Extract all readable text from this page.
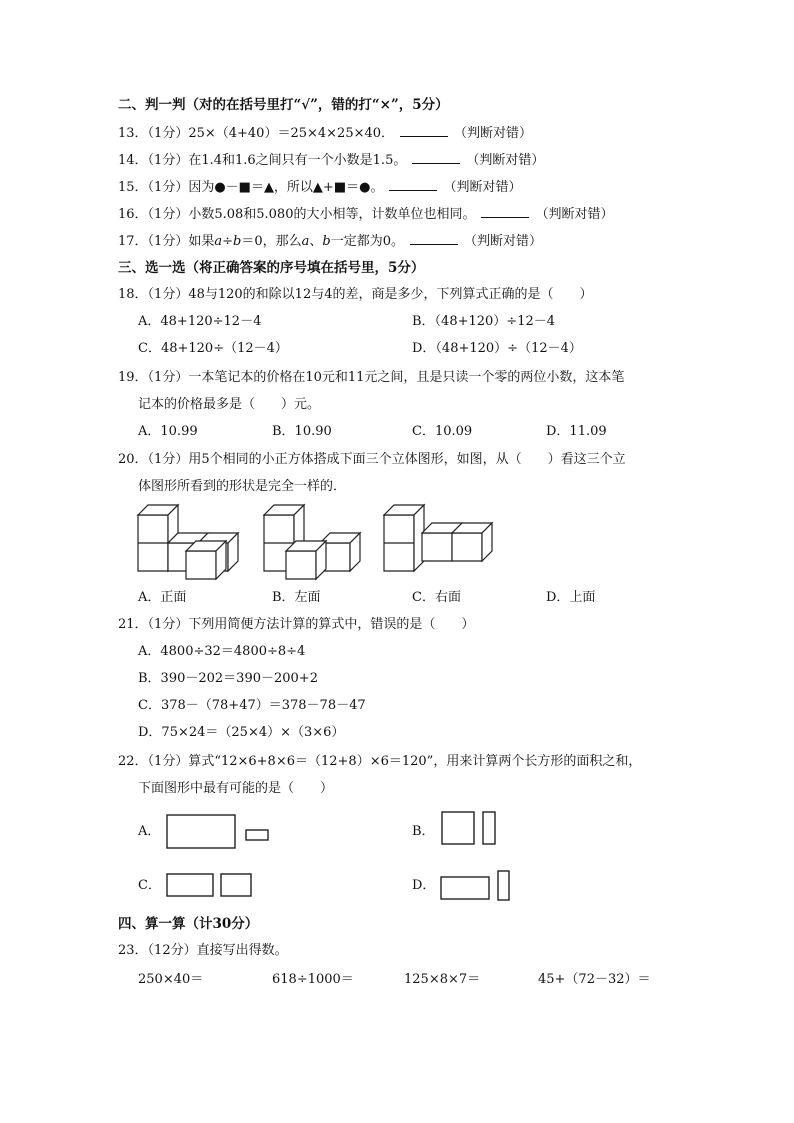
二、判一判（对的在括号里打“√”，错的打“×”，5分）
13．（1分）25×（4+40）＝25×4×25×40．	（判断对错）
14．（1分）在1.4和1.6之间只有一个小数是1.5。	（判断对错）
15．（1分）因为●－■＝▲，所以▲+■＝●。	（判断对错）
16．（1分）小数5.08和5.080的大小相等，计数单位也相同。	（判断对错）
17．（1分）如果a÷b＝0，那么a、b一定都为0。	（判断对错）
三、选一选（将正确答案的序号填在括号里，5分）
18．（1分）48与120的和除以12与4的差，商是多少，下列算式正确的是（　　）
A．48+120÷12－4	B．（48+120）÷12－4
C．48+120÷（12－4）	D．（48+120）÷（12－4）
19．（1分）一本笔记本的价格在10元和11元之间，且是只读一个零的两位小数，这本笔
记本的价格最多是（　　）元。
A．10.99	B．10.90	C．10.09	D．11.09
20．（1分）用5个相同的小正方体搭成下面三个立体图形，如图，从（　　）看这三个立
体图形所看到的形状是完全一样的．
A．正面	B．左面	C．右面	D．上面
21．（1分）下列用简便方法计算的算式中，错误的是（　　）
A．4800÷32＝4800÷8÷4
B．390－202＝390－200+2
C．378－（78+47）＝378－78－47
D．75×24＝（25×4）×（3×6）
22．（1分）算式“12×6+8×6＝（12+8）×6＝120”，用来计算两个长方形的面积之和，
下面图形中最有可能的是（　　）
A．	B．
C．	D．
四、算一算（计30分）
23．（12分）直接写出得数。
250×40＝	618÷1000＝	125×8×7＝	45+（72－32）＝
